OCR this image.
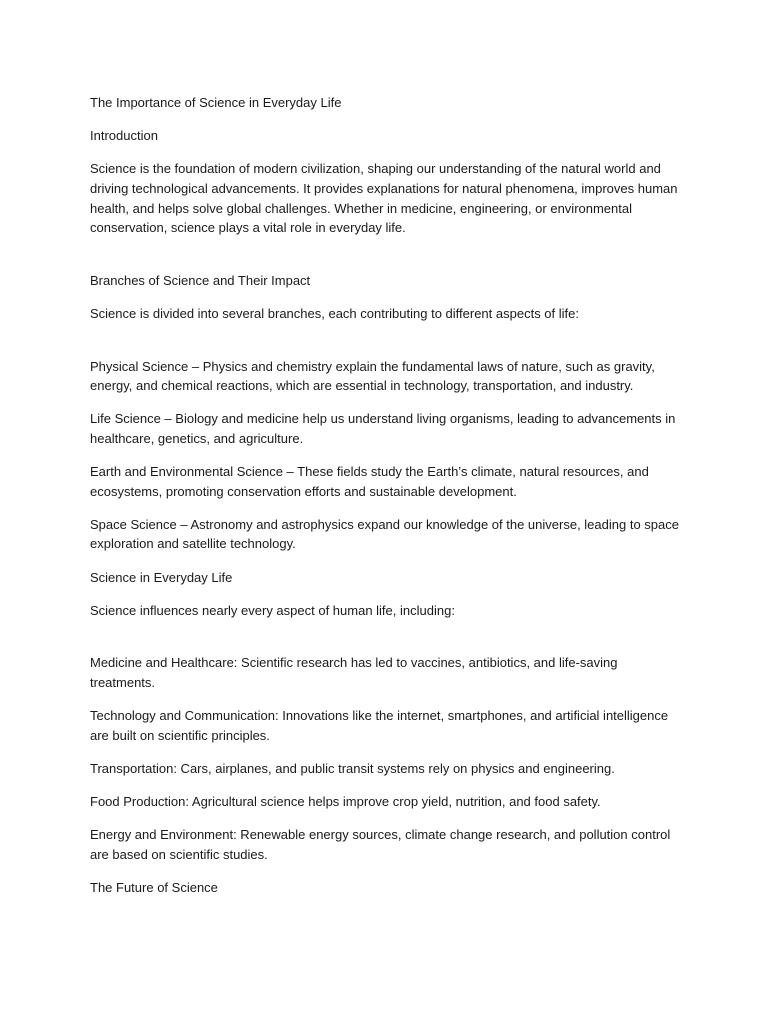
The Importance of Science in Everyday Life

Introduction

Science is the foundation of modern civilization, shaping our understanding of the natural world and driving technological advancements. It provides explanations for natural phenomena, improves human health, and helps solve global challenges. Whether in medicine, engineering, or environmental conservation, science plays a vital role in everyday life.

Branches of Science and Their Impact

Science is divided into several branches, each contributing to different aspects of life:

Physical Science – Physics and chemistry explain the fundamental laws of nature, such as gravity, energy, and chemical reactions, which are essential in technology, transportation, and industry.

Life Science – Biology and medicine help us understand living organisms, leading to advancements in healthcare, genetics, and agriculture.

Earth and Environmental Science – These fields study the Earth’s climate, natural resources, and ecosystems, promoting conservation efforts and sustainable development.

Space Science – Astronomy and astrophysics expand our knowledge of the universe, leading to space exploration and satellite technology.

Science in Everyday Life

Science influences nearly every aspect of human life, including:

Medicine and Healthcare: Scientific research has led to vaccines, antibiotics, and life-saving treatments.

Technology and Communication: Innovations like the internet, smartphones, and artificial intelligence are built on scientific principles.

Transportation: Cars, airplanes, and public transit systems rely on physics and engineering.

Food Production: Agricultural science helps improve crop yield, nutrition, and food safety.

Energy and Environment: Renewable energy sources, climate change research, and pollution control are based on scientific studies.

The Future of Science
